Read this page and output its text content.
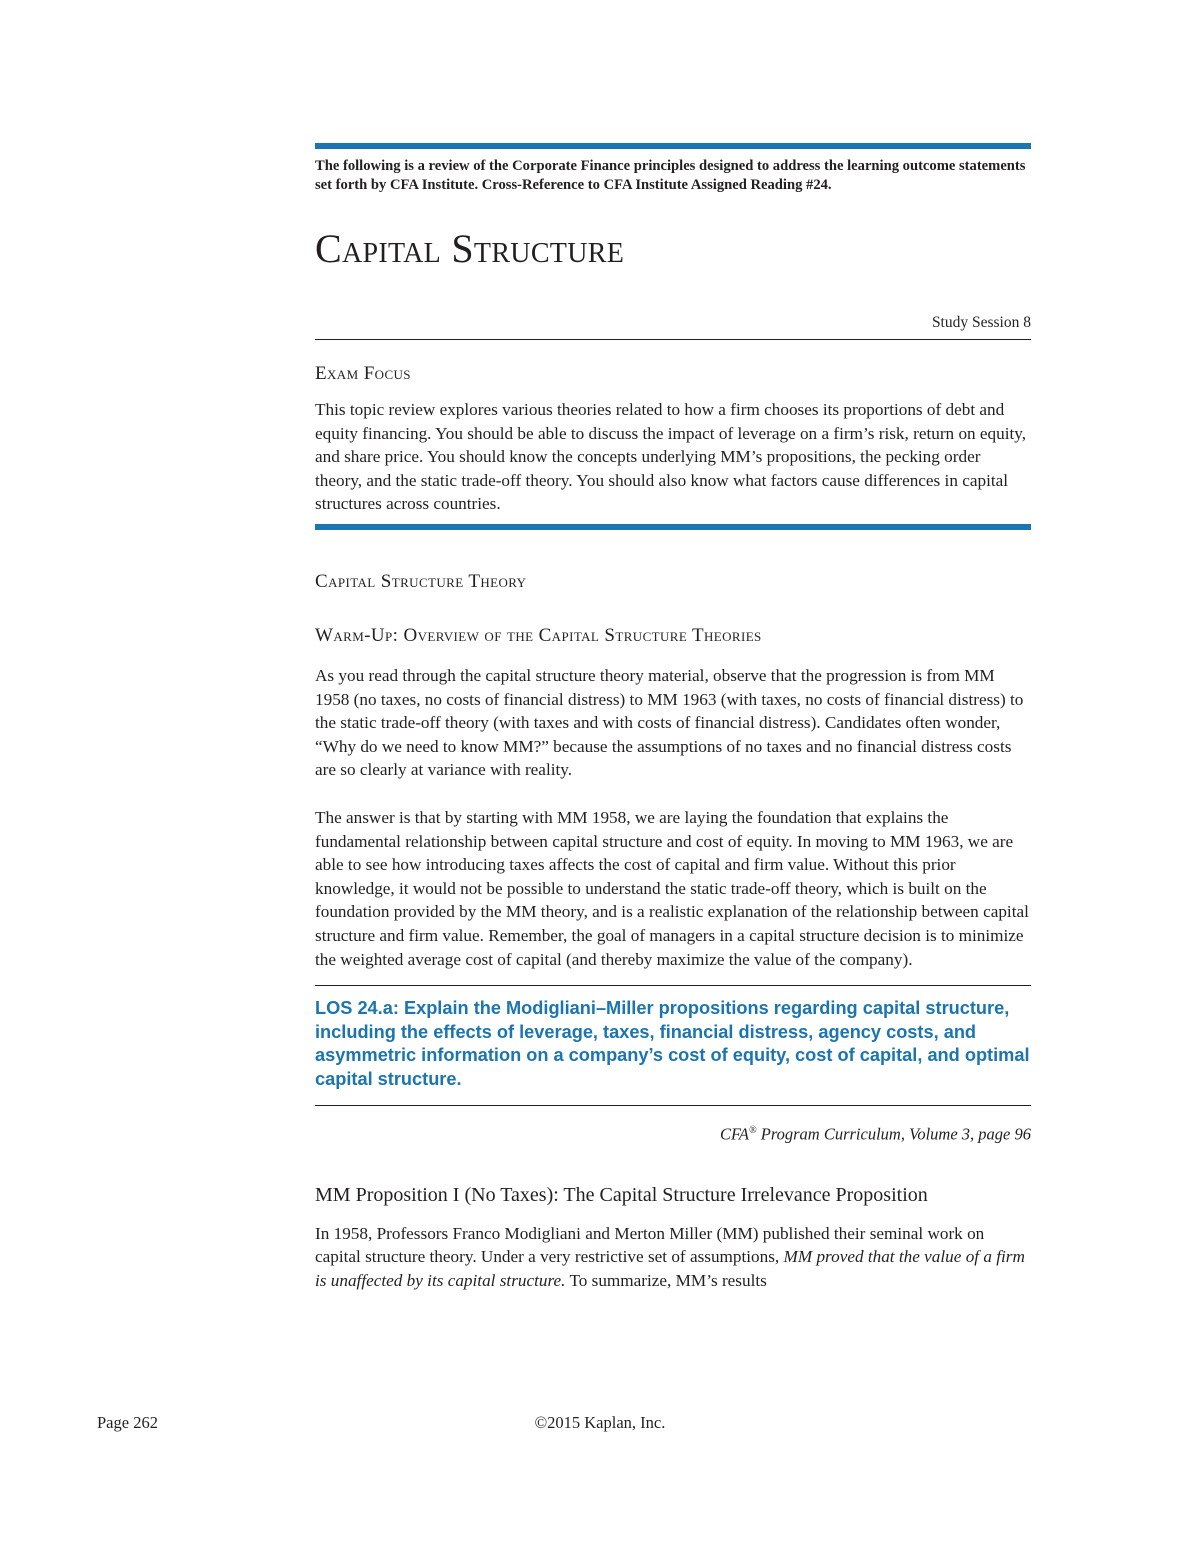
The following is a review of the Corporate Finance principles designed to address the learning outcome statements set forth by CFA Institute. Cross-Reference to CFA Institute Assigned Reading #24.
Capital Structure
Study Session 8
Exam Focus

This topic review explores various theories related to how a firm chooses its proportions of debt and equity financing. You should be able to discuss the impact of leverage on a firm’s risk, return on equity, and share price. You should know the concepts underlying MM’s propositions, the pecking order theory, and the static trade-off theory. You should also know what factors cause differences in capital structures across countries.

Capital Structure Theory
Warm-Up: Overview of the Capital Structure Theories

As you read through the capital structure theory material, observe that the progression is from MM 1958 (no taxes, no costs of financial distress) to MM 1963 (with taxes, no costs of financial distress) to the static trade-off theory (with taxes and with costs of financial distress). Candidates often wonder, “Why do we need to know MM?” because the assumptions of no taxes and no financial distress costs are so clearly at variance with reality.

The answer is that by starting with MM 1958, we are laying the foundation that explains the fundamental relationship between capital structure and cost of equity. In moving to MM 1963, we are able to see how introducing taxes affects the cost of capital and firm value. Without this prior knowledge, it would not be possible to understand the static trade-off theory, which is built on the foundation provided by the MM theory, and is a realistic explanation of the relationship between capital structure and firm value. Remember, the goal of managers in a capital structure decision is to minimize the weighted average cost of capital (and thereby maximize the value of the company).

LOS 24.a: Explain the Modigliani–Miller propositions regarding capital structure, including the effects of leverage, taxes, financial distress, agency costs, and asymmetric information on a company’s cost of equity, cost of capital, and optimal capital structure.
CFA® Program Curriculum, Volume 3, page 96
MM Proposition I (No Taxes): The Capital Structure Irrelevance Proposition

In 1958, Professors Franco Modigliani and Merton Miller (MM) published their seminal work on capital structure theory. Under a very restrictive set of assumptions, MM proved that the value of a firm is unaffected by its capital structure. To summarize, MM’s results

©2015 Kaplan, Inc.
Page 262
